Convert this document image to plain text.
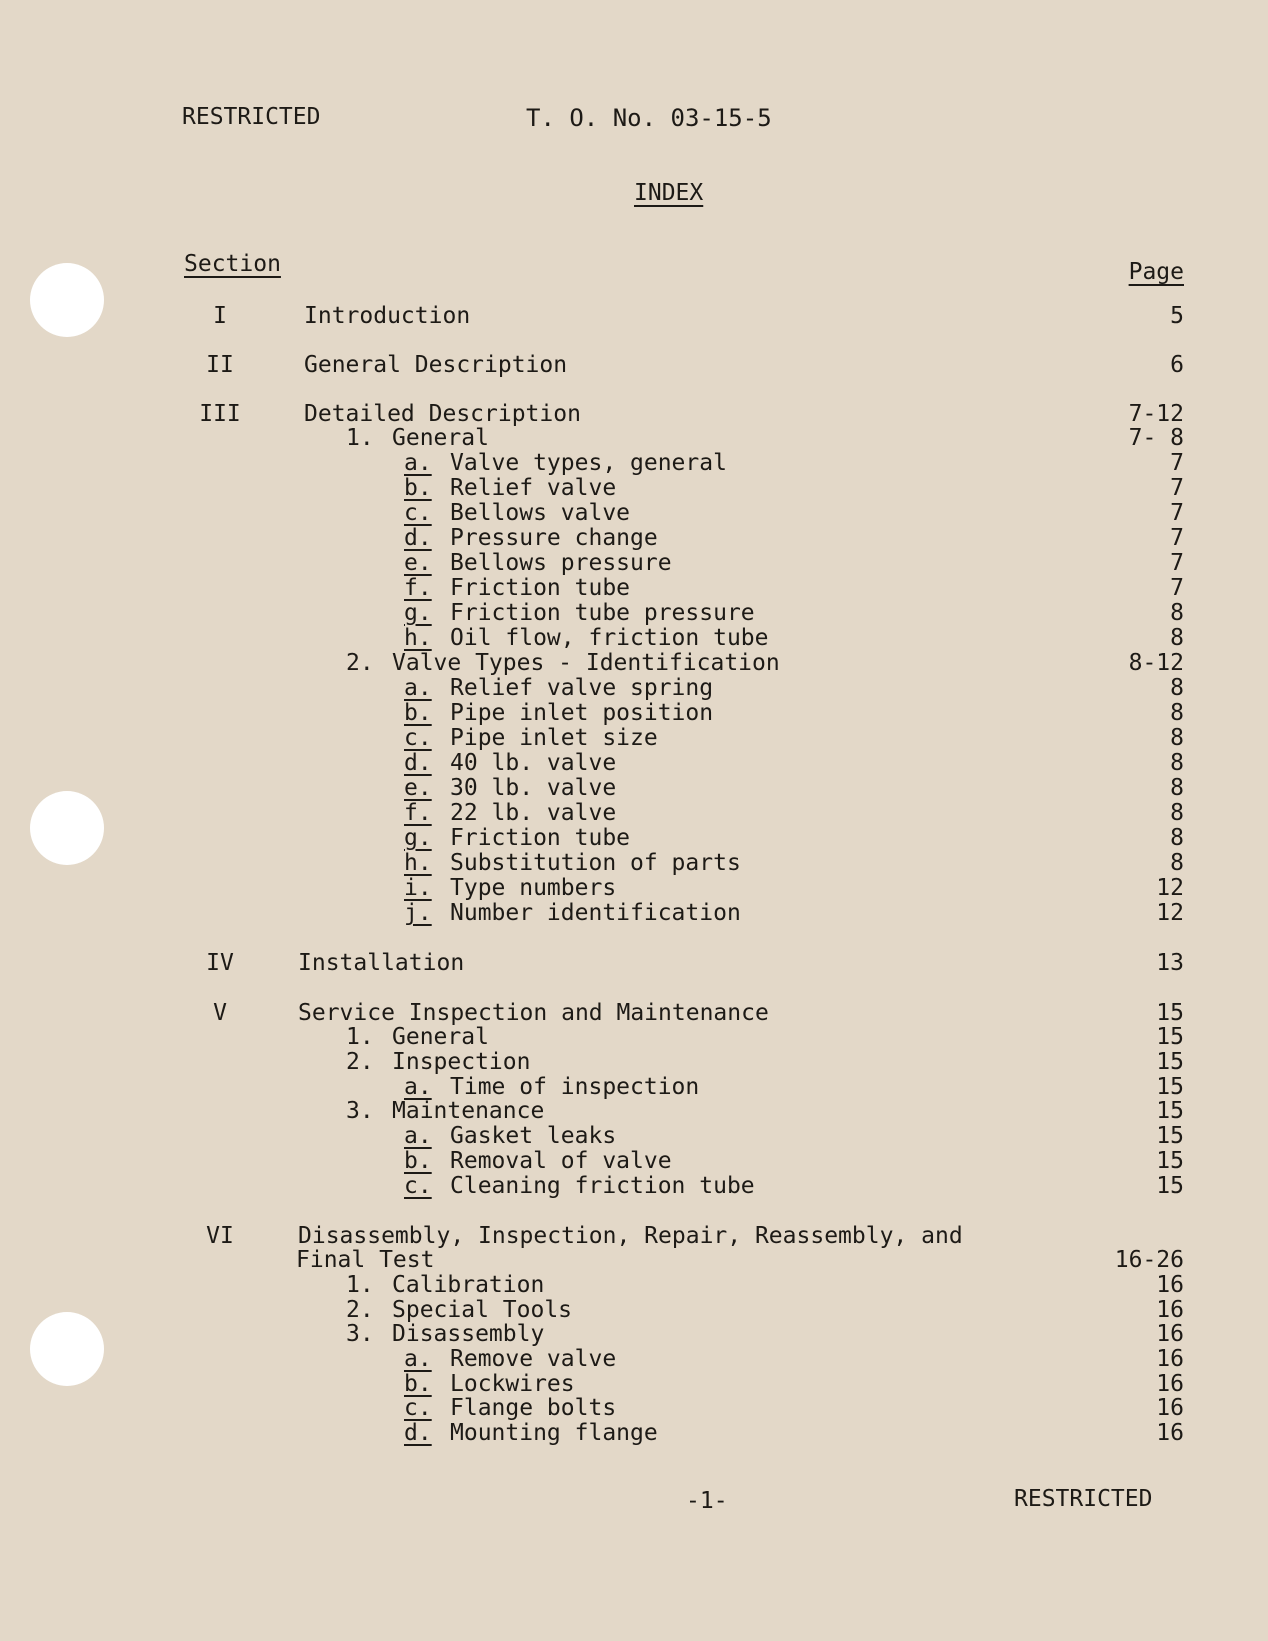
RESTRICTED	T. O. No. 03-15-5
INDEX
Section	Page
I	Introduction	5
II	General Description	6
III	Detailed Description	7-12
1. General	7- 8
a. Valve types, general	7
b. Relief valve	7
c. Bellows valve	7
d. Pressure change	7
e. Bellows pressure	7
f. Friction tube	7
g. Friction tube pressure	8
h. Oil flow, friction tube	8
2. Valve Types - Identification	8-12
a. Relief valve spring	8
b. Pipe inlet position	8
c. Pipe inlet size	8
d. 40 lb. valve	8
e. 30 lb. valve	8
f. 22 lb. valve	8
g. Friction tube	8
h. Substitution of parts	8
i. Type numbers	12
j. Number identification	12
IV	Installation	13
V	Service Inspection and Maintenance	15
1. General	15
2. Inspection	15
a. Time of inspection	15
3. Maintenance	15
a. Gasket leaks	15
b. Removal of valve	15
c. Cleaning friction tube	15
VI	Disassembly, Inspection, Repair, Reassembly, and
Final Test	16-26
1. Calibration	16
2. Special Tools	16
3. Disassembly	16
a. Remove valve	16
b. Lockwires	16
c. Flange bolts	16
d. Mounting flange	16
-1-	RESTRICTED
